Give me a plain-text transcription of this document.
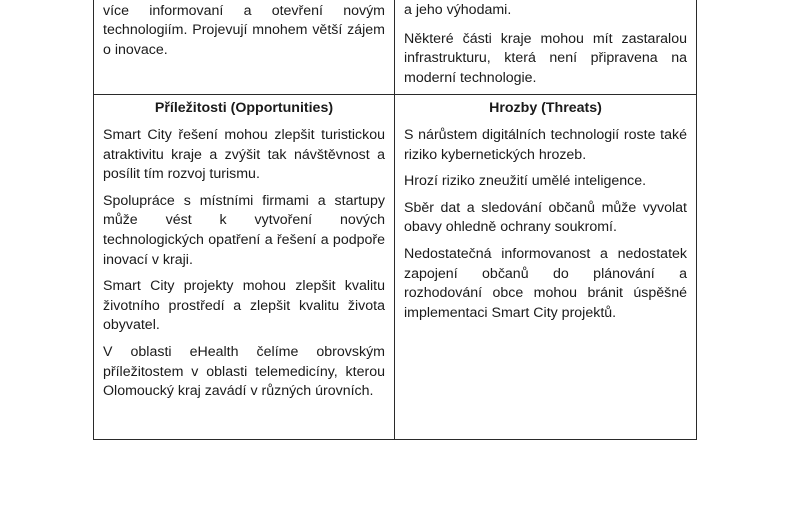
více informovaní a otevření novým technologiím. Projevují mnohem větší zájem o inovace.

a jeho výhodami.

Některé části kraje mohou mít zastaralou infrastrukturu, která není připravena na moderní technologie.

Příležitosti (Opportunities)

Smart City řešení mohou zlepšit turistickou atraktivitu kraje a zvýšit tak návštěvnost a posílit tím rozvoj turismu.

Spolupráce s místními firmami a startupy může vést k vytvoření nových technologických opatření a řešení a podpoře inovací v kraji.

Smart City projekty mohou zlepšit kvalitu životního prostředí a zlepšit kvalitu života obyvatel.

V oblasti eHealth čelíme obrovským příležitostem v oblasti telemedicíny, kterou Olomoucký kraj zavádí v různých úrovních.

Hrozby (Threats)

S nárůstem digitálních technologií roste také riziko kybernetických hrozeb.

Hrozí riziko zneužití umělé inteligence.

Sběr dat a sledování občanů může vyvolat obavy ohledně ochrany soukromí.

Nedostatečná informovanost a nedostatek zapojení občanů do plánování a rozhodování obce mohou bránit úspěšné implementaci Smart City projektů.
